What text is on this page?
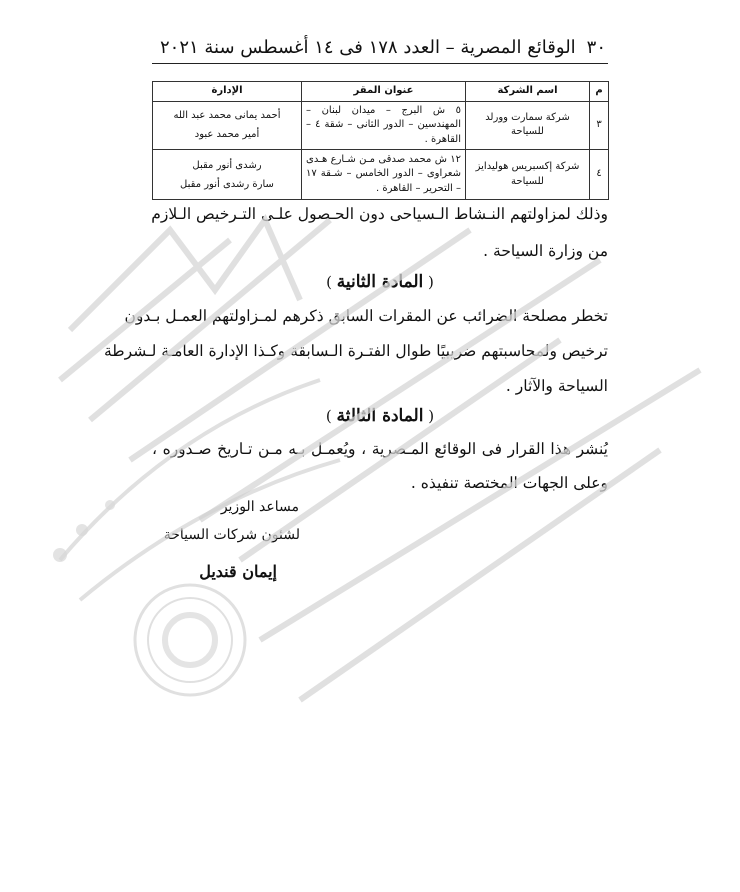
٣٠
الوقائع المصرية – العدد ١٧٨ فى ١٤ أغسطس سنة ٢٠٢١
م	اسم الشركة	عنوان المقر	الإدارة
٣	شركة سمارت وورلد للسياحة	٥ ش البرج – ميدان لبنان – المهندسين – الدور الثانى – شقة ٤ – القاهرة .	أحمد يمانى محمد عبد الله
أمير محمد عبود

٤	شركة إكسبريس هوليدايز للسياحة	١٢ ش محمد صدقى مـن شـارع هـدى شعراوى – الدور الخامس – شـقة ١٧ – التحرير – القاهرة .	رشدى أنور مقبل
سارة رشدى أنور مقبل
وذلك لمزاولتهم النـشاط الـسياحى دون الحـصول علـى التـرخيص الـلازم
من وزارة السياحة .
( المادة الثانية )
تخطر مصلحة الضرائب عن المقرات السابق ذكرهم لمـزاولتهم العمـل بـدون
ترخيص ولمحاسبتهم ضريبيًا طوال الفتـرة الـسابقة وكـذا الإدارة العامـة لـشرطة
السياحة والآثار .
( المادة الثالثة )
يُنشر هذا القرار فى الوقائع المـصرية ، ويُعمـل بـه مـن تـاريخ صـدوره ،
وعلى الجهات المختصة تنفيذه .
مساعد الوزير
لشئون شركات السياحة
إيمان قنديل
